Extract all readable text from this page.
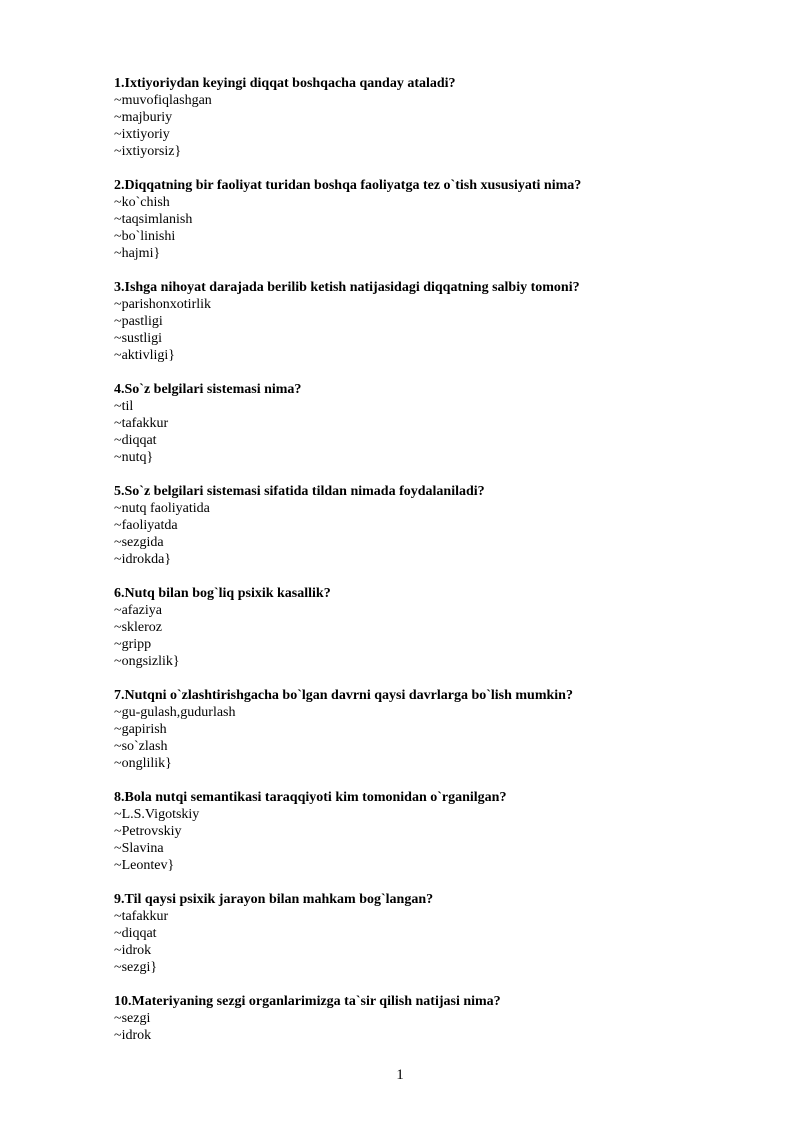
1.Ixtiyoriydan keyingi diqqat boshqacha qanday ataladi?
~muvofiqlashgan
~majburiy
~ixtiyoriy
~ixtiyorsiz}
2.Diqqatning bir faoliyat turidan boshqa faoliyatga tez o`tish xususiyati nima?
~ko`chish
~taqsimlanish
~bo`linishi
~hajmi}
3.Ishga nihoyat darajada berilib ketish natijasidagi diqqatning salbiy tomoni?
~parishonxotirlik
~pastligi
~sustligi
~aktivligi}
4.So`z belgilari sistemasi nima?
~til
~tafakkur
~diqqat
~nutq}
5.So`z belgilari sistemasi sifatida tildan nimada foydalaniladi?
~nutq faoliyatida
~faoliyatda
~sezgida
~idrokda}
6.Nutq bilan bog`liq psixik kasallik?
~afaziya
~skleroz
~gripp
~ongsizlik}
7.Nutqni o`zlashtirishgacha bo`lgan davrni qaysi davrlarga bo`lish mumkin?
~gu-gulash,gudurlash
~gapirish
~so`zlash
~onglilik}
8.Bola nutqi semantikasi taraqqiyoti kim tomonidan o`rganilgan?
~L.S.Vigotskiy
~Petrovskiy
~Slavina
~Leontev}
9.Til qaysi psixik jarayon bilan mahkam bog`langan?
~tafakkur
~diqqat
~idrok
~sezgi}
10.Materiyaning sezgi organlarimizga ta`sir qilish natijasi nima?
~sezgi
~idrok
1
